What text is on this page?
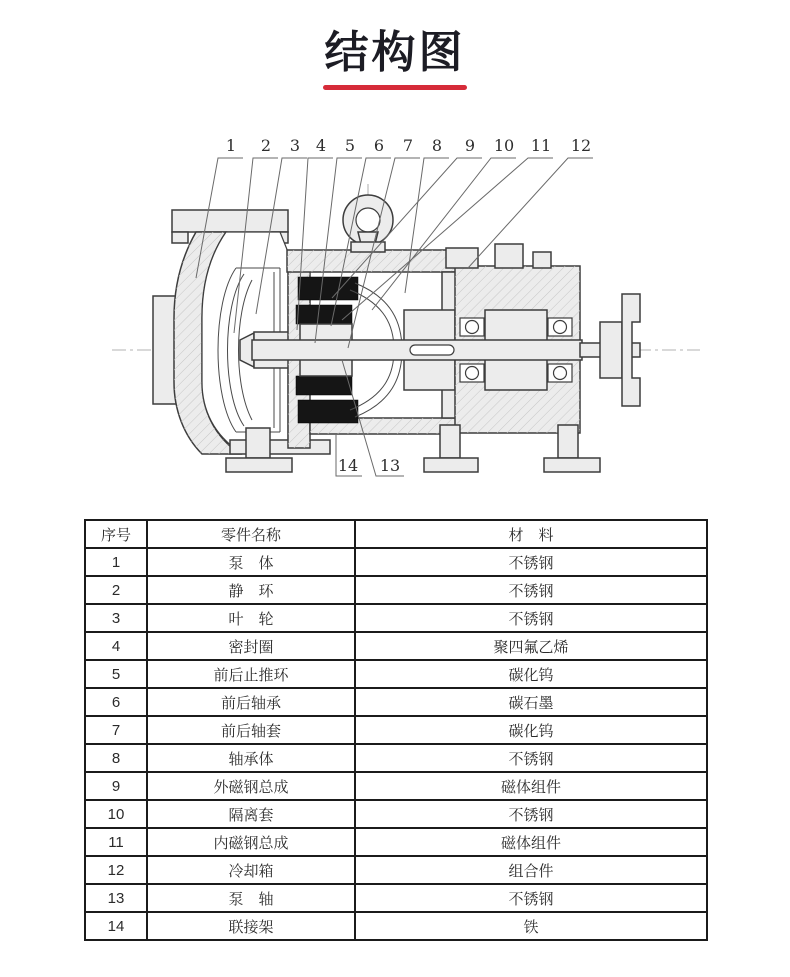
结构图
1 2 3 4 5 6 7 8 9 10 11 12
14 13
序号	零件名称	材　料
1	泵　体	不锈钢
2	静　环	不锈钢
3	叶　轮	不锈钢
4	密封圈	聚四氟乙烯
5	前后止推环	碳化钨
6	前后轴承	碳石墨
7	前后轴套	碳化钨
8	轴承体	不锈钢
9	外磁钢总成	磁体组件
10	隔离套	不锈钢
11	内磁钢总成	磁体组件
12	冷却箱	组合件
13	泵　轴	不锈钢
14	联接架	铁
